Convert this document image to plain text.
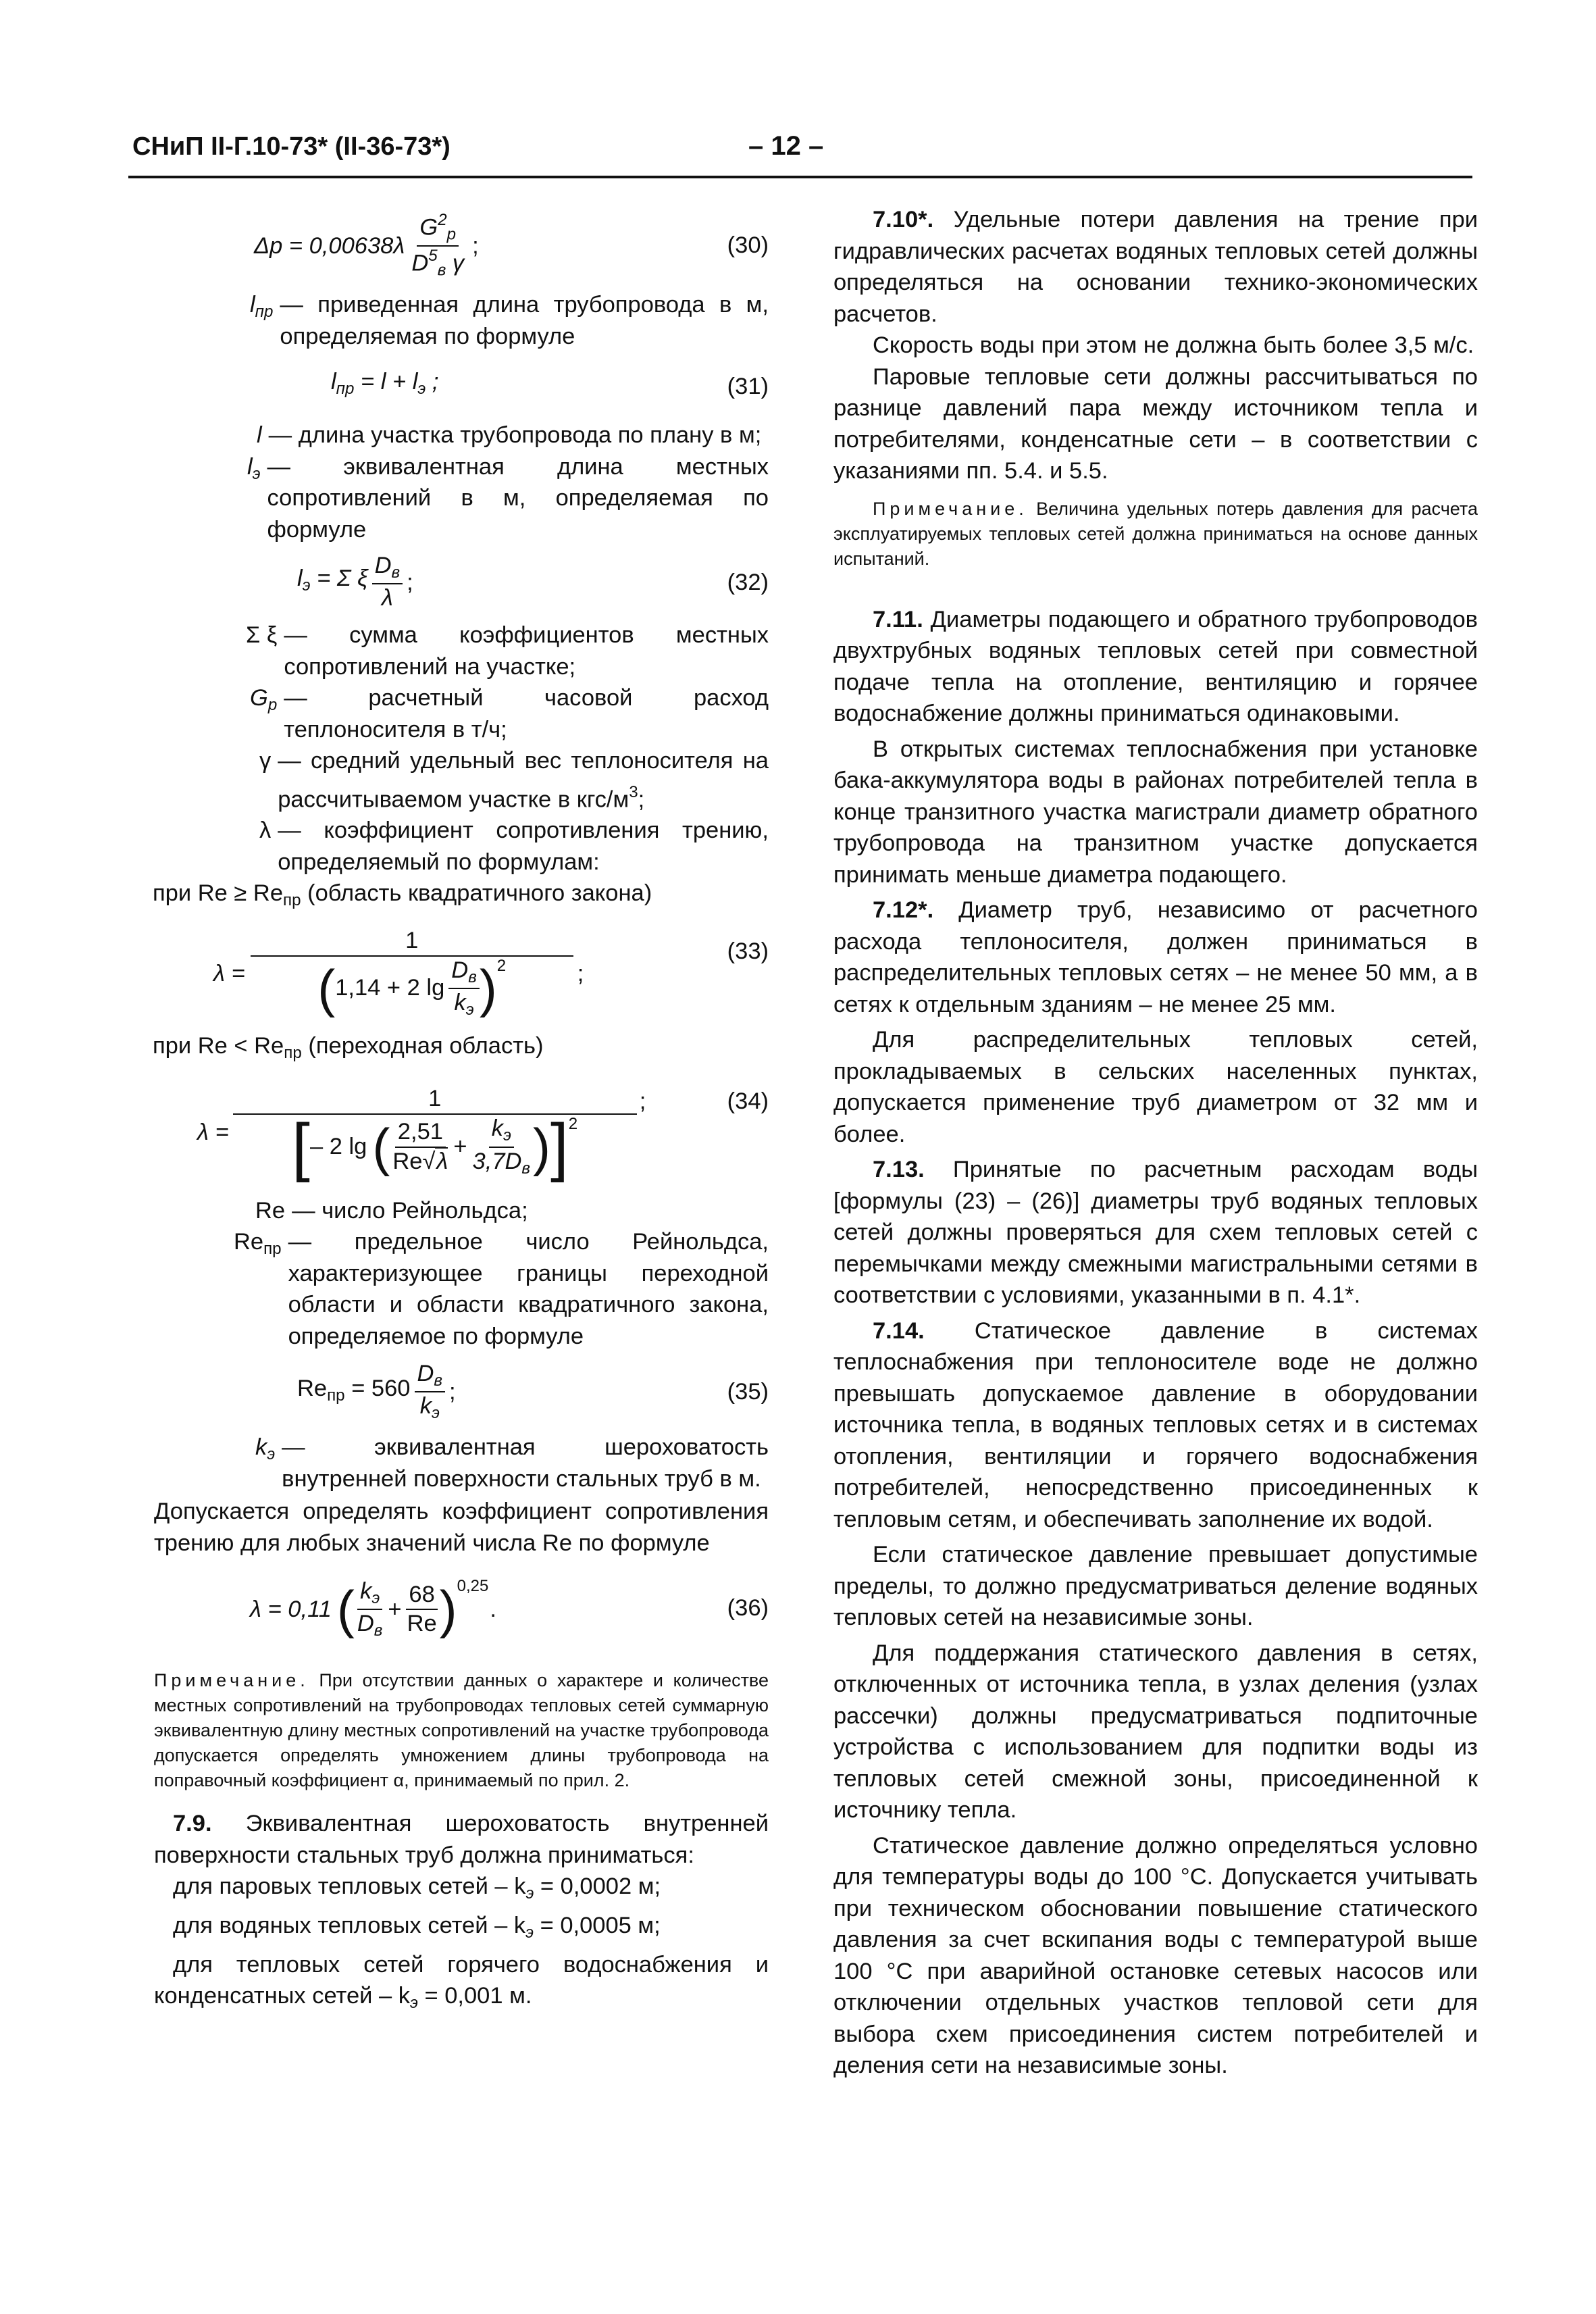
СНиП II-Г.10-73* (II-36-73*)	– 12 –
$\Delta p = 0,00638\lambda \frac{G^2_p}{D^5_в \gamma}$ ;	(30)
$l_{пр}$ — приведенная длина трубопровода в м, определяемая по формуле
$l_{пр} = l + l_э$ ;	(31)
l — длина участка трубопровода по плану в м;
$l_э$ — эквивалентная длина местных сопротивлений в м, определяемая по формуле
$l_э = \Sigma$ ξ $\frac{D_в}{\lambda}$ ;	(32)
Σ ξ — сумма коэффициентов местных сопротивлений на участке;
$G_р$ — расчетный часовой расход теплоносителя в т/ч;
γ — средний удельный вес теплоносителя на рассчитываемом участке в кгс/$м^3$;
λ — коэффициент сопротивления трению, определяемый по формулам:

при $Re \ge Re_{пр}$ (область квадратичного закона)

λ =
1
( 1,14 + 2 $\lg \frac{D_в}{k_э}$ ) 2	;
(33)

при $Re < Re_{пр}$ (переходная область)

λ =
1
[ – 2 lg ( $\frac{2,51}{Re√\lambda} + \frac{k_э}{3,7D_в}$ ) ] 2
;	(34)
Re — число Рейнольдса;
$Re_{пр}$ — предельное число Рейнольдса, характеризующее границы переходной области и области квадратичного закона, определяемое по формуле
$Re_{пр} = 560 \frac{D_в}{k_э}$ ;	(35)
$k_э$ — эквивалентная шероховатость внутренней поверхности стальных труб в м.

Допускается определять коэффициент сопротивления трению для любых значений числа Re по формуле

λ = 0,11 ( $\frac{k_э}{D_в} + \frac{68}{Re}$ ) 0,25
.	(36)

Примечание. При отсутствии данных о характере и количестве местных сопротивлений на трубопроводах тепловых сетей суммарную эквивалентную длину местных сопротивлений на участке трубопровода допускается определять умножением длины трубопровода на поправочный коэффициент α, принимаемый по прил. 2.

7.9. Эквивалентная шероховатость внутренней поверхности стальных труб должна приниматься:

для паровых тепловых сетей – $k_э = 0,0002$ м;

для водяных тепловых сетей – $k_э = 0,0005$ м;

для тепловых сетей горячего водоснабжения и конденсатных сетей – $k_э = 0,001$ м.

7.10*. Удельные потери давления на трение при гидравлических расчетах водяных тепловых сетей должны определяться на основании технико-экономических расчетов.

Скорость воды при этом не должна быть более 3,5 м/с.

Паровые тепловые сети должны рассчитываться по разнице давлений пара между источником тепла и потребителями, конденсатные сети – в соответствии с указаниями пп. 5.4. и 5.5.

Примечание. Величина удельных потерь давления для расчета эксплуатируемых тепловых сетей должна приниматься на основе данных испытаний.

7.11. Диаметры подающего и обратного трубопроводов двухтрубных водяных тепловых сетей при совместной подаче тепла на отопление, вентиляцию и горячее водоснабжение должны приниматься одинаковыми.

В открытых системах теплоснабжения при установке бака-аккумулятора воды в районах потребителей тепла в конце транзитного участка магистрали диаметр обратного трубопровода на транзитном участке допускается принимать меньше диаметра подающего.

7.12*. Диаметр труб, независимо от расчетного расхода теплоносителя, должен приниматься в распределительных тепловых сетях – не менее 50 мм, а в сетях к отдельным зданиям – не менее 25 мм.

Для распределительных тепловых сетей, прокладываемых в сельских населенных пунктах, допускается применение труб диаметром от 32 мм и более.

7.13. Принятые по расчетным расходам воды [формулы (23) – (26)] диаметры труб водяных тепловых сетей должны проверяться для схем тепловых сетей с перемычками между смежными магистральными сетями в соответствии с условиями, указанными в п. 4.1*.

7.14. Статическое давление в системах теплоснабжения при теплоносителе воде не должно превышать допускаемое давление в оборудовании источника тепла, в водяных тепловых сетях и в системах отопления, вентиляции и горячего водоснабжения потребителей, непосредственно присоединенных к тепловым сетям, и обеспечивать заполнение их водой.

Если статическое давление превышает допустимые пределы, то должно предусматриваться деление водяных тепловых сетей на независимые зоны.

Для поддержания статического давления в сетях, отключенных от источника тепла, в узлах деления (узлах рассечки) должны предусматриваться подпиточные устройства с использованием для подпитки воды из тепловых сетей смежной зоны, присоединенной к источнику тепла.

Статическое давление должно определяться условно для температуры воды до 100 °С. Допускается учитывать при техническом обосновании повышение статического давления за счет вскипания воды с температурой выше 100 °С при аварийной остановке сетевых насосов или отключении отдельных участков тепловой сети для выбора схем присоединения систем потребителей и деления сети на независимые зоны.
